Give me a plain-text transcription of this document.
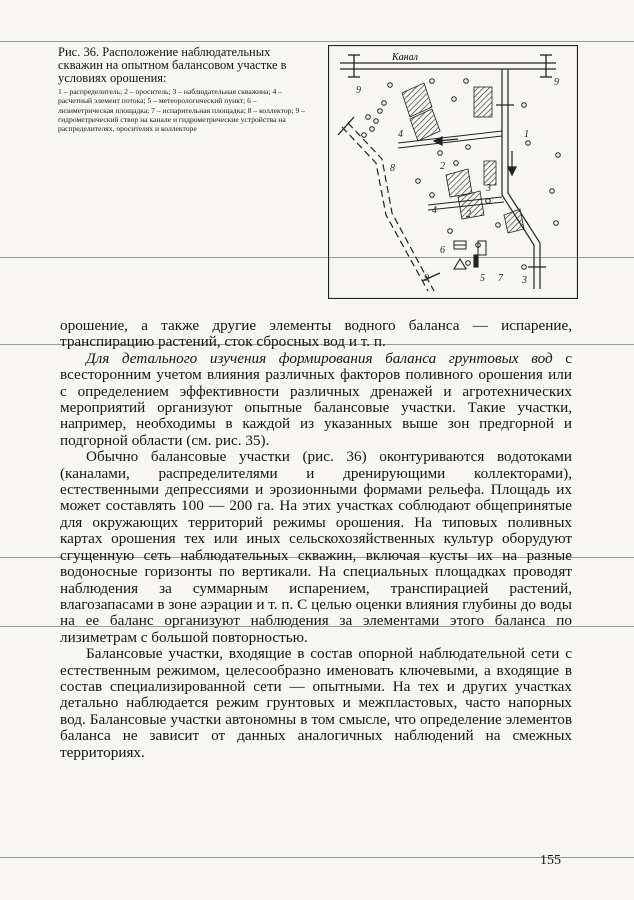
Рис. 36. Расположение наблюдательных скважин на опытном балансовом участке в условиях орошения:

1 – распределитель; 2 – ороситель; 3 – наблюдательная скважина; 4 – расчетный элемент потока; 5 – метеорологический пункт; 6 – лизиметрическая площадка; 7 – испарительная площадка; 8 – коллектор; 9 – гидрометрический створ на канале и гидрометрические устройства на распределителях, оросителях и коллекторе

Канал
1
2
2
3
3
4
4
5
6
7
8
9
9
9

орошение, а также другие элементы водного баланса — испарение, транспирацию растений, сток сбросных вод и т. п.

Для детального изучения формирования баланса грунтовых вод с всесторонним учетом влияния различных факторов поливного орошения или с определением эффективности различных дренажей и агротехнических мероприятий организуют опытные балансовые участки. Такие участки, например, необходимы в каждой из указанных выше зон предгорной и подгорной области (см. рис. 35).

Обычно балансовые участки (рис. 36) оконтуриваются водотоками (каналами, распределителями и дренирующими коллекторами), естественными депрессиями и эрозионными формами рельефа. Площадь их может составлять 100 — 200 га. На этих участках соблюдают общепринятые для окружающих территорий режимы орошения. На типовых поливных картах орошения тех или иных сельскохозяйственных культур оборудуют сгущенную сеть наблюдательных скважин, включая кусты их на разные водоносные горизонты по вертикали. На специальных площадках проводят наблюдения за суммарным испарением, транспирацией растений, влагозапасами в зоне аэрации и т. п. С целью оценки влияния глубины до воды на ее баланс организуют наблюдения за элементами этого баланса по лизиметрам с большой повторностью.

Балансовые участки, входящие в состав опорной наблюдательной сети с естественным режимом, целесообразно именовать ключевыми, а входящие в состав специализированной сети — опытными. На тех и других участках детально наблюдается режим грунтовых и межпластовых, часто напорных вод. Балансовые участки автономны в том смысле, что определение элементов баланса не зависит от данных аналогичных наблюдений на смежных территориях.

155
